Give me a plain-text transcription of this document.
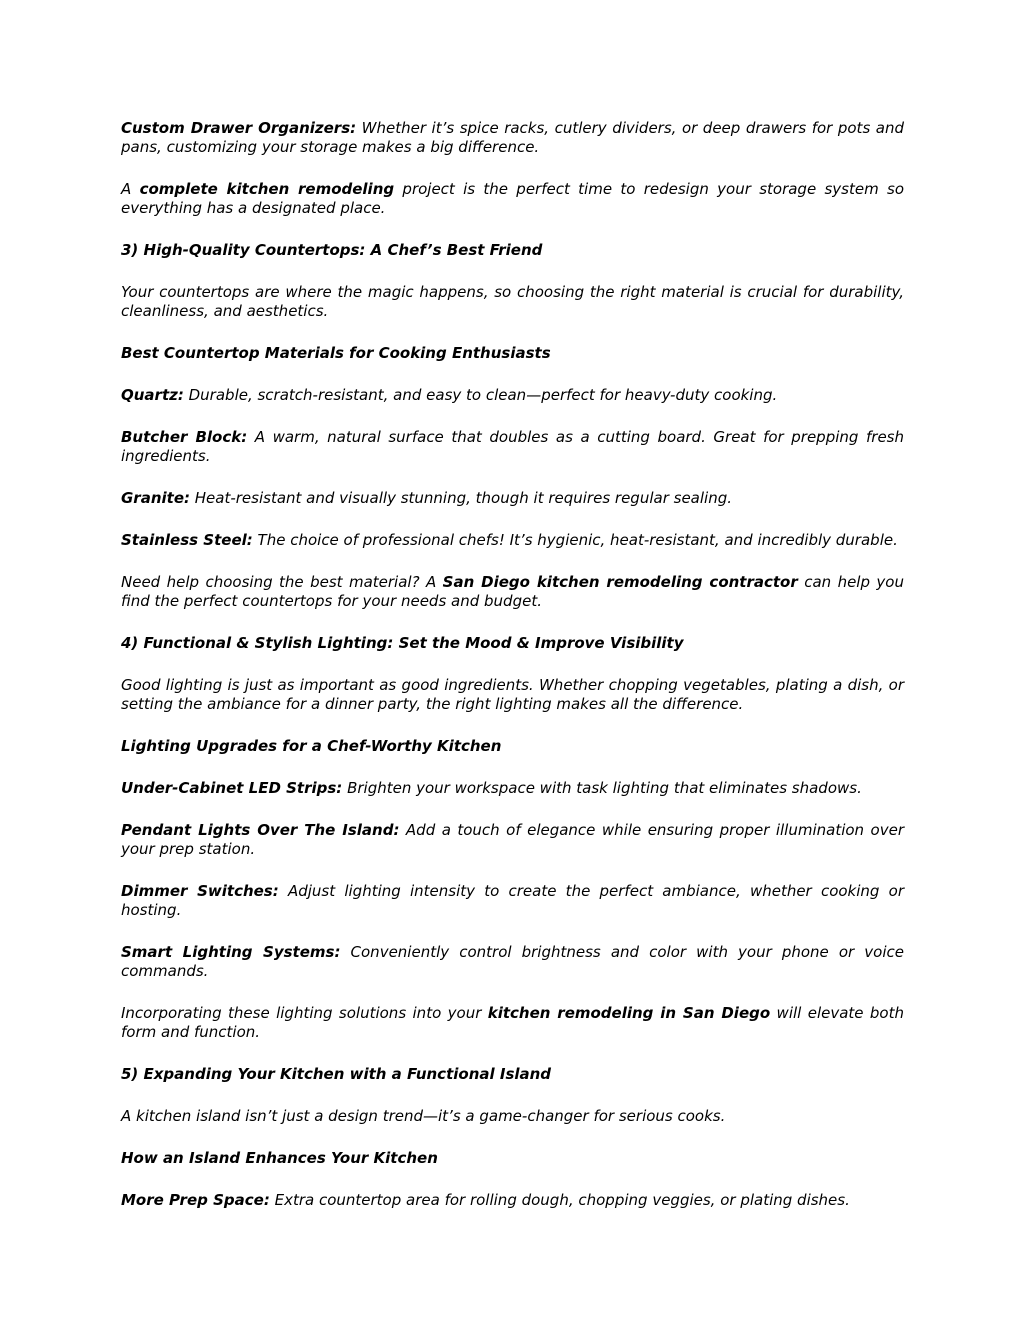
Custom Drawer Organizers: Whether it’s spice racks, cutlery dividers, or deep drawers for pots and pans, customizing your storage makes a big difference.

A complete kitchen remodeling project is the perfect time to redesign your storage system so everything has a designated place.

3) High-Quality Countertops: A Chef’s Best Friend

Your countertops are where the magic happens, so choosing the right material is crucial for durability, cleanliness, and aesthetics.

Best Countertop Materials for Cooking Enthusiasts

Quartz: Durable, scratch-resistant, and easy to clean—perfect for heavy-duty cooking.

Butcher Block: A warm, natural surface that doubles as a cutting board. Great for prepping fresh ingredients.

Granite: Heat-resistant and visually stunning, though it requires regular sealing.

Stainless Steel: The choice of professional chefs! It’s hygienic, heat-resistant, and incredibly durable.

Need help choosing the best material? A San Diego kitchen remodeling contractor can help you find the perfect countertops for your needs and budget.

4) Functional & Stylish Lighting: Set the Mood & Improve Visibility

Good lighting is just as important as good ingredients. Whether chopping vegetables, plating a dish, or setting the ambiance for a dinner party, the right lighting makes all the difference.

Lighting Upgrades for a Chef-Worthy Kitchen

Under-Cabinet LED Strips: Brighten your workspace with task lighting that eliminates shadows.

Pendant Lights Over The Island: Add a touch of elegance while ensuring proper illumination over your prep station.

Dimmer Switches: Adjust lighting intensity to create the perfect ambiance, whether cooking or hosting.

Smart Lighting Systems: Conveniently control brightness and color with your phone or voice commands.

Incorporating these lighting solutions into your kitchen remodeling in San Diego will elevate both form and function.

5) Expanding Your Kitchen with a Functional Island

A kitchen island isn’t just a design trend—it’s a game-changer for serious cooks.

How an Island Enhances Your Kitchen

More Prep Space: Extra countertop area for rolling dough, chopping veggies, or plating dishes.
